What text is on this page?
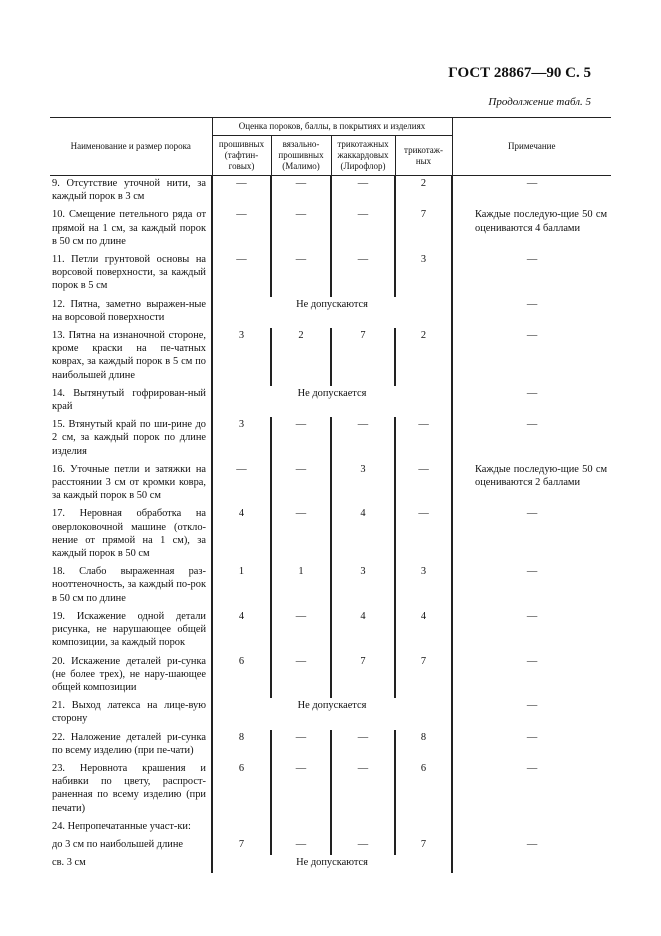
ГОСТ 28867—90 С. 5
Продолжение табл. 5
Наименование и размер порока	Оценка пороков, баллы, в покрытиях и изделиях				Примечание
	прошивных (тафтин-говых)	вязально-прошивных (Малимо)	трикотажных жаккардовых (Лирофлор)	трикотаж-ных	
9. Отсутствие уточной нити, за каждый порок в 3 см	—	—	—	2	—
10. Смещение петельного ряда от прямой на 1 см, за каждый порок в 50 см по длине	—	—	—	7	Каждые последую-щие 50 см оцениваются 4 баллами
11. Петли грунтовой основы на ворсовой поверхности, за каждый порок в 5 см	—	—	—	3	—
12. Пятна, заметно выражен-ные на ворсовой поверхности	Не допускаются				—
13. Пятна на изнаночной стороне, кроме краски на пе-чатных коврах, за каждый порок в 5 см по наибольшей длине	3	2	7	2	—
14. Вытянутый гофрирован-ный край	Не допускается				—
15. Втянутый край по ши-рине до 2 см, за каждый порок по длине изделия	3	—	—	—	—
16. Уточные петли и затяжки на расстоянии 3 см от кромки ковра, за каждый порок в 50 см	—	—	3	—	Каждые последую-щие 50 см оцениваются 2 баллами
17. Неровная обработка на оверлоковочной машине (откло-нение от прямой на 1 см), за каждый порок в 50 см	4	—	4	—	—
18. Слабо выраженная раз-нооттеночность, за каждый по-рок в 50 см по длине	1	1	3	3	—
19. Искажение одной детали рисунка, не нарушающее общей композиции, за каждый порок	4	—	4	4	—
20. Искажение деталей ри-сунка (не более трех), не нару-шающее общей композиции	6	—	7	7	—
21. Выход латекса на лице-вую сторону	Не допускается				—
22. Наложение деталей ри-сунка по всему изделию (при пе-чати)	8	—	—	8	—
23. Неровнота крашения и набивки по цвету, распрост-раненная по всему изделию (при печати)	6	—	—	6	—
24. Непропечатанные участ-ки:					
до 3 см по наибольшей длине	7	—	—	7	—
св. 3 см	Не допускаются				
